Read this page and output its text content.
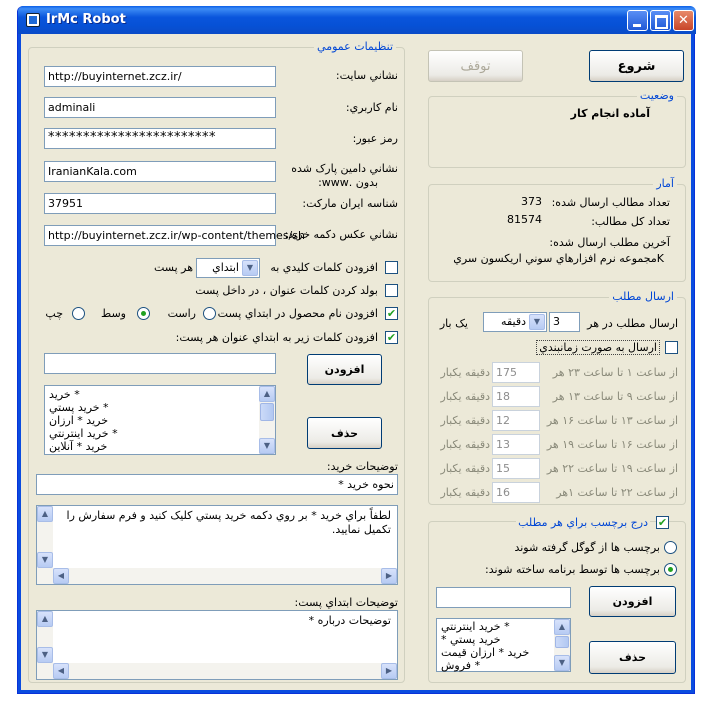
IrMc Robot	✕
تنظيمات عمومي
نشاني سايت:
http://buyinternet.zcz.ir/
نام کاربري:
adminali
رمز عبور:
************************
نشاني دامين پارک شده
بدون .www:
IranianKala.com
شناسه ايران مارکت:
37951
نشاني عکس دکمه خريد:
http://buyinternet.zcz.ir/wp-content/themes/sh
افزودن کلمات کليدي به
ابتداي ▼
هر پست
بولد کردن کلمات عنوان ، در داخل پست
✔
افزودن نام محصول در ابتداي پست
راست
وسط
چپ
✔
افزودن کلمات زير به ابتداي عنوان هر پست:
افزودن
* خريد
* خريد پستي
خريد * ارزان
* خريد اينترنتي
خريد * آنلاين
▲
▼
حذف
توضيحات خريد:
نحوه خريد *
لطفاً براي خريد * بر روي دکمه خريد پستي کليک کنيد و فرم سفارش را تکميل نماييد.
▲
▼
◀	▶
توضيحات ابتداي پست:
توضيحات درباره *
▲
▼
◀	▶
توقف	شروع
وضعيت
آماده انجام کار
آمار
تعداد مطالب ارسال شده:
373
تعداد کل مطالب:
81574
آخرين مطلب ارسال شده:
Kمجموعه نرم افزارهاي سوني اريکسون سري
ارسال مطلب
ارسال مطلب در هر
3
دقيقه ▼
يک بار
ارسال به صورت زمانبندي
از ساعت ۱ تا ساعت ۲۳ هر
175
دقيقه يکبار
از ساعت ۹ تا ساعت ۱۳ هر
18
دقيقه يکبار
از ساعت ۱۳ تا ساعت ۱۶ هر
12
دقيقه يکبار
از ساعت ۱۶ تا ساعت ۱۹ هر
13
دقيقه يکبار
از ساعت ۱۹ تا ساعت ۲۲ هر
15
دقيقه يکبار
از ساعت ۲۲ تا ساعت ۱هر
16
دقيقه يکبار
✔
درج برچسب براي هر مطلب
برچسب ها از گوگل گرفته شوند
برچسب ها توسط برنامه ساخته شوند:
افزودن
* خريد اينترنتي
خريد پستي *
خريد * ارزان قيمت
* فروش
▲
▼	حذف
